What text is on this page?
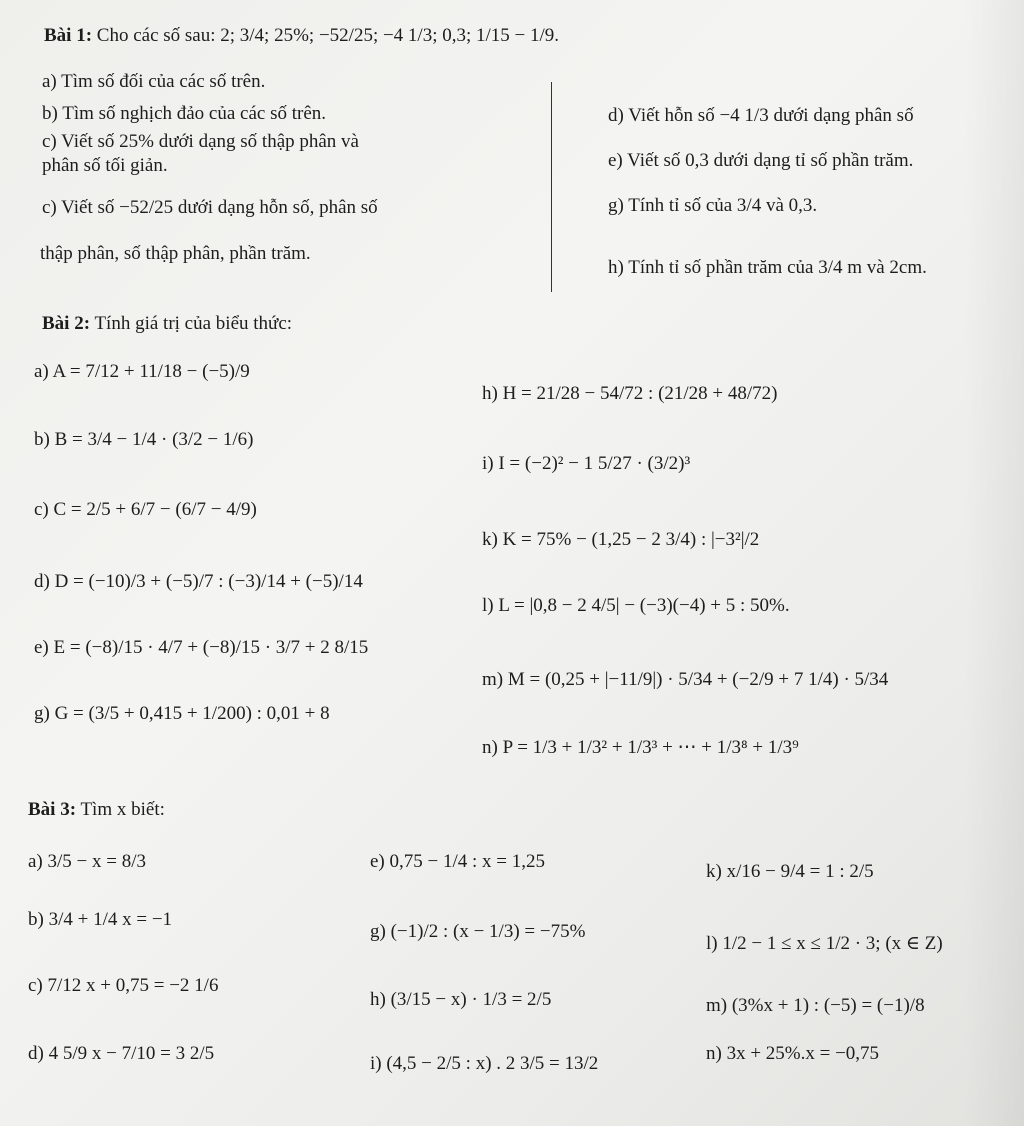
Bài 1: Cho các số sau: 2; 3/4; 25%; −52/25; −4 1/3; 0,3; 1/15 − 1/9.
a) Tìm số đối của các số trên.
b) Tìm số nghịch đảo của các số trên.
c) Viết số 25% dưới dạng số thập phân và
phân số tối giản.
c) Viết số −52/25 dưới dạng hỗn số, phân số
thập phân, số thập phân, phần trăm.
d) Viết hỗn số −4 1/3 dưới dạng phân số
e) Viết số 0,3 dưới dạng tỉ số phần trăm.
g) Tính tỉ số của 3/4 và 0,3.
h) Tính tỉ số phần trăm của 3/4 m và 2cm.
Bài 2: Tính giá trị của biểu thức:
a) A = 7/12 + 11/18 − (−5)/9
b) B = 3/4 − 1/4 · (3/2 − 1/6)
c) C = 2/5 + 6/7 − (6/7 − 4/9)
d) D = (−10)/3 + (−5)/7 : (−3)/14 + (−5)/14
e) E = (−8)/15 · 4/7 + (−8)/15 · 3/7 + 2 8/15
g) G = (3/5 + 0,415 + 1/200) : 0,01 + 8
h) H = 21/28 − 54/72 : (21/28 + 48/72)
i) I = (−2)² − 1 5/27 · (3/2)³
k) K = 75% − (1,25 − 2 3/4) : |−3²|/2
l) L = |0,8 − 2 4/5| − (−3)(−4) + 5 : 50%.
m) M = (0,25 + |−11/9|) · 5/34 + (−2/9 + 7 1/4) · 5/34
n) P = 1/3 + 1/3² + 1/3³ + ⋯ + 1/3⁸ + 1/3⁹
Bài 3: Tìm x biết:
a) 3/5 − x = 8/3
b) 3/4 + 1/4 x = −1
c) 7/12 x + 0,75 = −2 1/6
d) 4 5/9 x − 7/10 = 3 2/5
e) 0,75 − 1/4 : x = 1,25
g) (−1)/2 : (x − 1/3) = −75%
h) (3/15 − x) · 1/3 = 2/5
i) (4,5 − 2/5 : x) . 2 3/5 = 13/2
k) x/16 − 9/4 = 1 : 2/5
l) 1/2 − 1 ≤ x ≤ 1/2 · 3; (x ∈ Z)
m) (3%x + 1) : (−5) = (−1)/8
n) 3x + 25%.x = −0,75
